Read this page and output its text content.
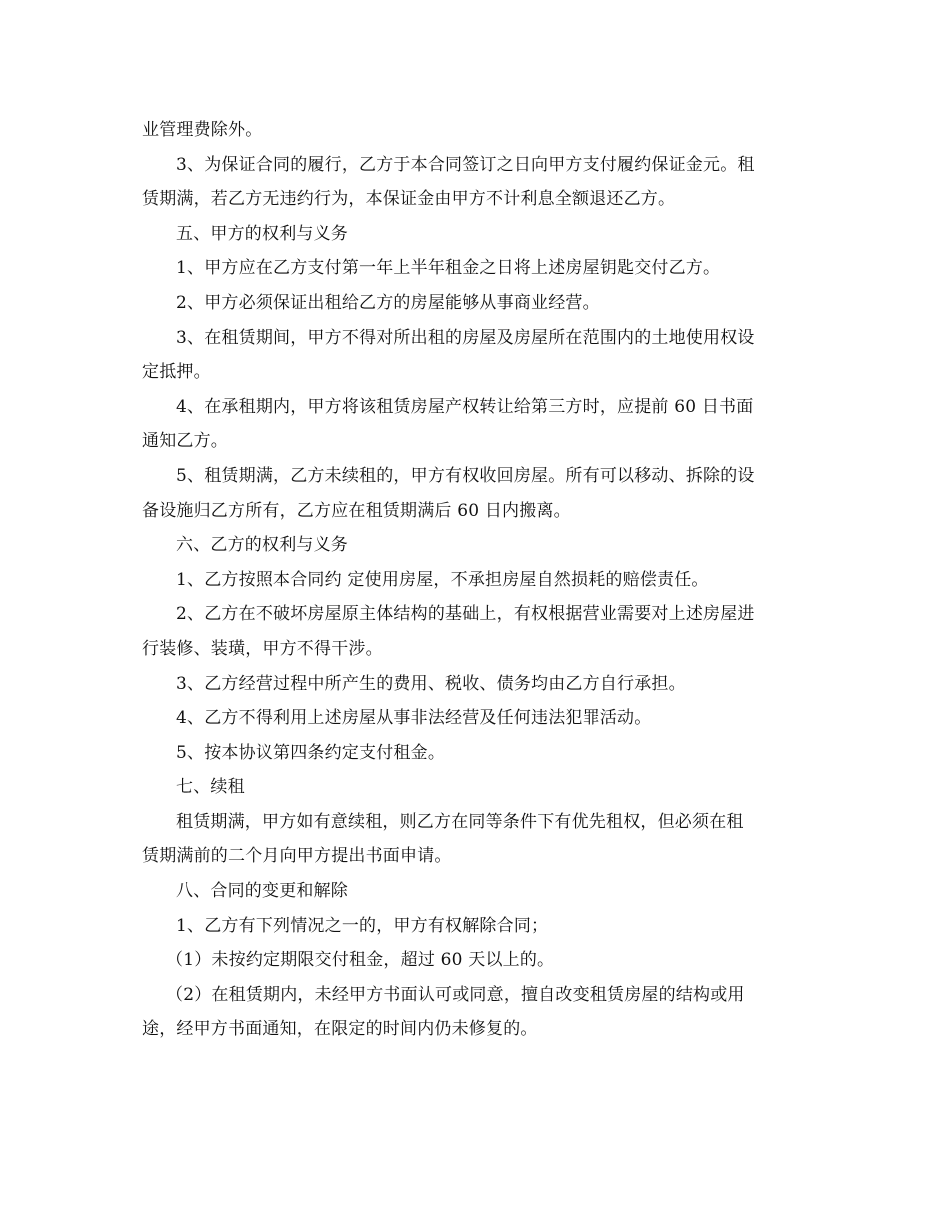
业管理费除外。
3、为保证合同的履行，乙方于本合同签订之日向甲方支付履约保证金元。租
赁期满，若乙方无违约行为，本保证金由甲方不计利息全额退还乙方。
五、甲方的权利与义务
1、甲方应在乙方支付第一年上半年租金之日将上述房屋钥匙交付乙方。
2、甲方必须保证出租给乙方的房屋能够从事商业经营。
3、在租赁期间，甲方不得对所出租的房屋及房屋所在范围内的土地使用权设
定抵押。
4、在承租期内，甲方将该租赁房屋产权转让给第三方时，应提前 60 日书面
通知乙方。
5、租赁期满，乙方未续租的，甲方有权收回房屋。所有可以移动、拆除的设
备设施归乙方所有，乙方应在租赁期满后 60 日内搬离。
六、乙方的权利与义务
1、乙方按照本合同约 定使用房屋，不承担房屋自然损耗的赔偿责任。
2、乙方在不破坏房屋原主体结构的基础上，有权根据营业需要对上述房屋进
行装修、装璜，甲方不得干涉。
3、乙方经营过程中所产生的费用、税收、债务均由乙方自行承担。
4、乙方不得利用上述房屋从事非法经营及任何违法犯罪活动。
5、按本协议第四条约定支付租金。
七、续租
租赁期满，甲方如有意续租，则乙方在同等条件下有优先租权，但必须在租
赁期满前的二个月向甲方提出书面申请。
八、合同的变更和解除
1、乙方有下列情况之一的，甲方有权解除合同；
（1）未按约定期限交付租金，超过 60 天以上的。
（2）在租赁期内，未经甲方书面认可或同意，擅自改变租赁房屋的结构或用
途，经甲方书面通知，在限定的时间内仍未修复的。
